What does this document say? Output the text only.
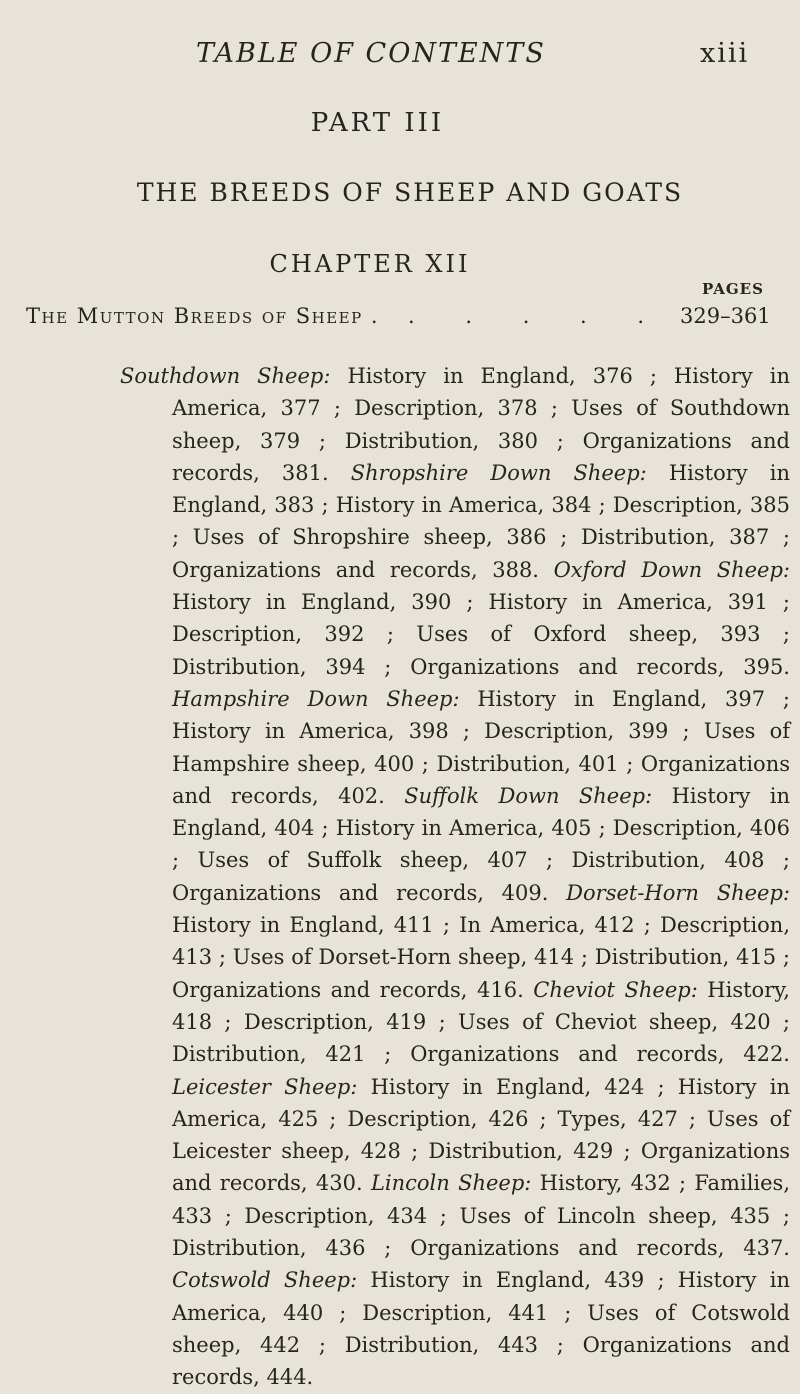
TABLE OF CONTENTS	xiii
PART III
THE BREEDS OF SHEEP AND GOATS
CHAPTER XII
PAGES
The Mutton Breeds of Sheep . . . . . . 329–361

Southdown Sheep: History in England, 376 ; History in America, 377 ; Description, 378 ; Uses of Southdown sheep, 379 ; Distribution, 380 ; Organizations and records, 381. Shropshire Down Sheep: History in England, 383 ; History in America, 384 ; Description, 385 ; Uses of Shropshire sheep, 386 ; Distribution, 387 ; Organizations and records, 388. Oxford Down Sheep: History in England, 390 ; History in America, 391 ; Description, 392 ; Uses of Oxford sheep, 393 ; Distribution, 394 ; Organizations and records, 395. Hampshire Down Sheep: History in England, 397 ; History in America, 398 ; Description, 399 ; Uses of Hampshire sheep, 400 ; Distribution, 401 ; Organizations and records, 402. Suffolk Down Sheep: History in England, 404 ; History in America, 405 ; Description, 406 ; Uses of Suffolk sheep, 407 ; Distribution, 408 ; Organizations and records, 409. Dorset-Horn Sheep: History in England, 411 ; In America, 412 ; Description, 413 ; Uses of Dorset-Horn sheep, 414 ; Distribution, 415 ; Organizations and records, 416. Cheviot Sheep: History, 418 ; Description, 419 ; Uses of Cheviot sheep, 420 ; Distribution, 421 ; Organizations and records, 422. Leicester Sheep: History in England, 424 ; History in America, 425 ; Description, 426 ; Types, 427 ; Uses of Leicester sheep, 428 ; Distribution, 429 ; Organizations and records, 430. Lincoln Sheep: History, 432 ; Families, 433 ; Description, 434 ; Uses of Lincoln sheep, 435 ; Distribution, 436 ; Organizations and records, 437. Cotswold Sheep: History in England, 439 ; History in America, 440 ; Description, 441 ; Uses of Cotswold sheep, 442 ; Distribution, 443 ; Organizations and records, 444.
